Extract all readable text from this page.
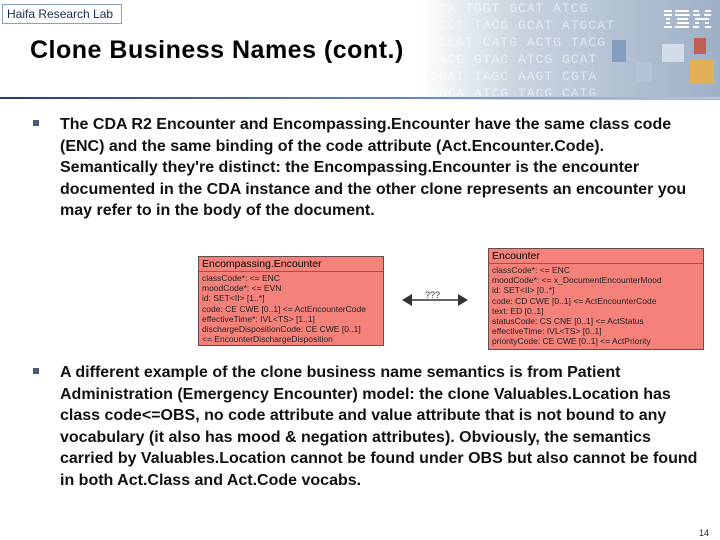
TCA TGGT GCAT ATCG
GCCT TACG GCAT ATGCAT
ACCGT CATG ACTG TACG
TACG GTAC ATCG GCAT
GCAT TAGC AAGT CGTA
TGCA ATCG TACG CATG
Haifa Research Lab
Clone Business Names (cont.)

The CDA R2 Encounter and Encompassing.Encounter have the same class code (ENC) and the same binding of the code attribute (Act.Encounter.Code). Semantically they're distinct: the Encompassing.Encounter is the encounter documented in the CDA instance and the other clone represents an encounter you may refer to in the body of the document.

Encompassing.Encounter
classCode*: <= ENC
moodCode*: <= EVN
id: SET<II> [1..*]
code: CE CWE [0..1] <= ActEncounterCode
effectiveTime*: IVL<TS> [1..1]
dischargeDispositionCode: CE CWE [0..1]
<= EncounterDischargeDisposition
???
Encounter
classCode*: <= ENC
moodCode*: <= x_DocumentEncounterMood
id: SET<II> [0..*]
code: CD CWE [0..1] <= ActEncounterCode
text: ED [0..1]
statusCode: CS CNE [0..1] <= ActStatus
effectiveTime: IVL<TS> [0..1]
priorityCode: CE CWE [0..1] <= ActPriority

A different example of the clone business name semantics is from Patient Administration (Emergency Encounter) model: the clone Valuables.Location has class code<=OBS, no code attribute and value attribute that is not bound to any vocabulary (it also has mood & negation attributes). Obviously, the semantics carried by Valuables.Location cannot be found under OBS but also cannot be found in both Act.Class and Act.Code vocabs.

14
